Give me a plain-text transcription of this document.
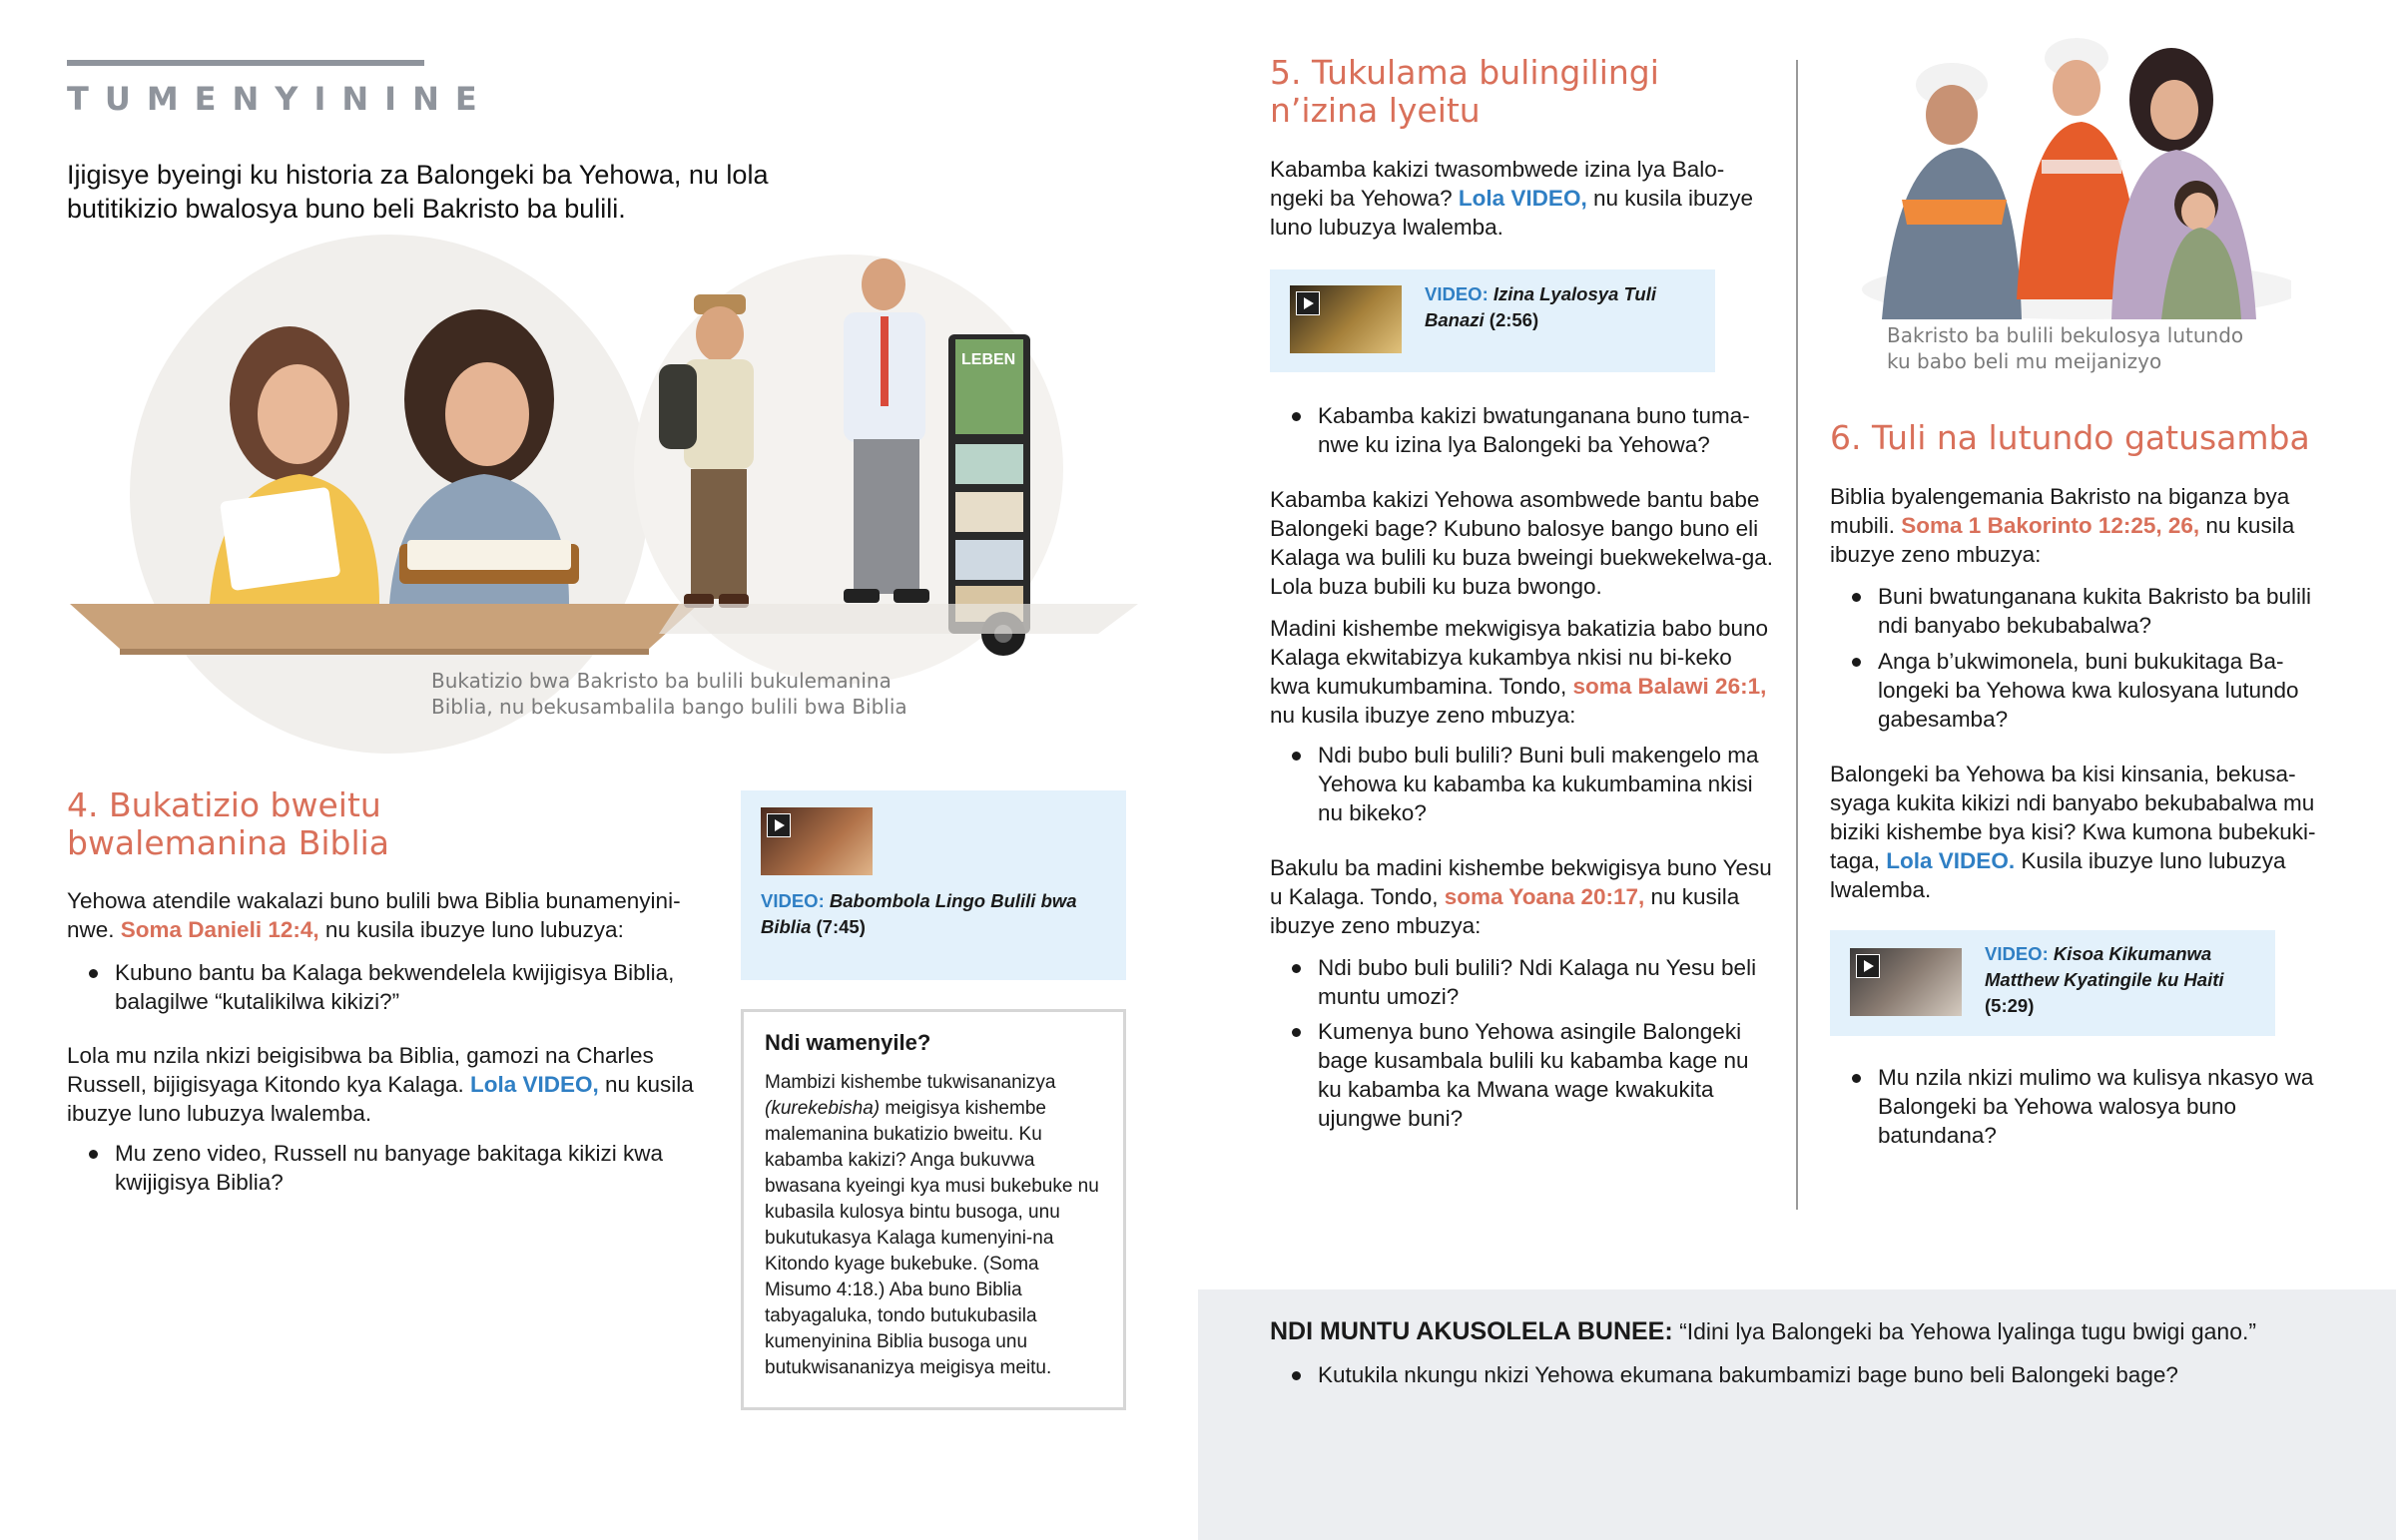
TUMENYININE
Ijigisye byeingi ku historia za Balongeki ba Yehowa, nu lola butitikizio bwalosya buno beli Bakristo ba bulili.
LEBEN
Bukatizio bwa Bakristo ba bulili bukulemanina Biblia, nu bekusambalila bango bulili bwa Biblia
4. Bukatizio bweitu bwalemanina Biblia
Yehowa atendile wakalazi buno bulili bwa Biblia bunamenyini-nwe. Soma Danieli 12:4, nu kusila ibuzye luno lubuzya:
Kubuno bantu ba Kalaga bekwendelela kwijigisya Biblia, balagilwe “kutalikilwa kikizi?”
Lola mu nzila nkizi beigisibwa ba Biblia, gamozi na Charles Russell, bijigisyaga Kitondo kya Kalaga. Lola VIDEO, nu kusila ibuzye luno lubuzya lwalemba.
Mu zeno video, Russell nu banyage bakitaga kikizi kwa kwijigisya Biblia?
VIDEO: Babombola Lingo Bulili bwa Biblia (7:45)
Ndi wamenyile?
Mambizi kishembe tukwisananizya (kurekebisha) meigisya kishembe malemanina bukatizio bweitu. Ku kabamba kakizi? Anga bukuvwa bwasana kyeingi kya musi bukebuke nu kubasila kulosya bintu busoga, unu bukutukasya Kalaga kumenyini-na Kitondo kyage bukebuke. (Soma Misumo 4:18.) Aba buno Biblia tabyagaluka, tondo butukubasila kumenyinina Biblia busoga unu butukwisananizya meigisya meitu.
5. Tukulama bulingilingi n’izina lyeitu
Kabamba kakizi twasombwede izina lya Balo-ngeki ba Yehowa? Lola VIDEO, nu kusila ibuzye luno lubuzya lwalemba.
VIDEO: Izina Lyalosya Tuli Banazi (2:56)
Kabamba kakizi bwatunganana buno tuma-nwe ku izina lya Balongeki ba Yehowa?
Kabamba kakizi Yehowa asombwede bantu babe Balongeki bage? Kubuno balosye bango buno eli Kalaga wa bulili ku buza bweingi buekwekelwa-ga. Lola buza bubili ku buza bwongo.
Madini kishembe mekwigisya bakatizia babo buno Kalaga ekwitabizya kukambya nkisi nu bi-keko kwa kumukumbamina. Tondo, soma Balawi 26:1, nu kusila ibuzye zeno mbuzya:
Ndi bubo buli bulili? Buni buli makengelo ma Yehowa ku kabamba ka kukumbamina nkisi nu bikeko?
Bakulu ba madini kishembe bekwigisya buno Yesu u Kalaga. Tondo, soma Yoana 20:17, nu kusila ibuzye zeno mbuzya:
Ndi bubo buli bulili? Ndi Kalaga nu Yesu beli muntu umozi?
Kumenya buno Yehowa asingile Balongeki bage kusambala bulili ku kabamba kage nu ku kabamba ka Mwana wage kwakukita ujungwe buni?
Bakristo ba bulili bekulosya lutundo ku babo beli mu meijanizyo
6. Tuli na lutundo gatusamba
Biblia byalengemania Bakristo na biganza bya mubili. Soma 1 Bakorinto 12:25, 26, nu kusila ibuzye zeno mbuzya:
Buni bwatunganana kukita Bakristo ba bulili ndi banyabo bekubabalwa?
Anga b’ukwimonela, buni bukukitaga Ba-longeki ba Yehowa kwa kulosyana lutundo gabesamba?
Balongeki ba Yehowa ba kisi kinsania, bekusa-syaga kukita kikizi ndi banyabo bekubabalwa mu biziki kishembe bya kisi? Kwa kumona bubekuki-taga, Lola VIDEO. Kusila ibuzye luno lubuzya lwalemba.
VIDEO: Kisoa Kikumanwa Matthew Kyatingile ku Haiti (5:29)
Mu nzila nkizi mulimo wa kulisya nkasyo wa Balongeki ba Yehowa walosya buno batundana?
NDI MUNTU AKUSOLELA BUNEE: “Idini lya Balongeki ba Yehowa lyalinga tugu bwigi gano.”
Kutukila nkungu nkizi Yehowa ekumana bakumbamizi bage buno beli Balongeki bage?
